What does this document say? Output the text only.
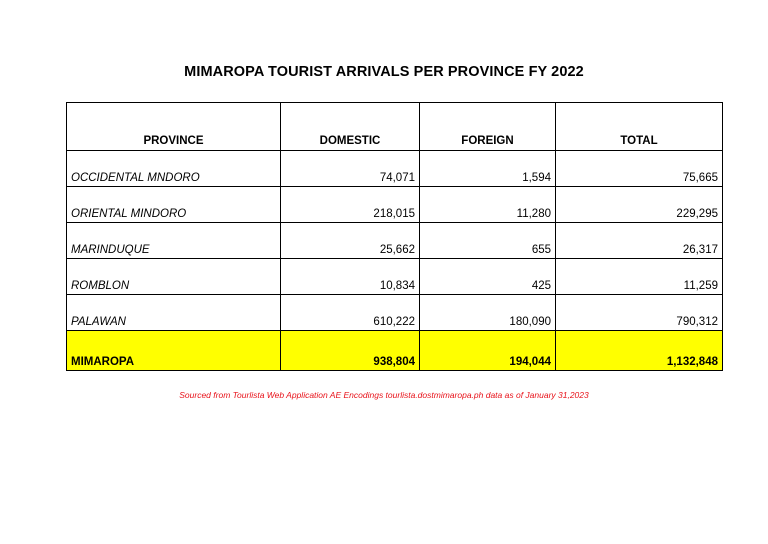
MIMAROPA TOURIST ARRIVALS PER PROVINCE FY 2022
PROVINCE	DOMESTIC	FOREIGN	TOTAL
OCCIDENTAL MNDORO	74,071	1,594	75,665
ORIENTAL MINDORO	218,015	11,280	229,295
MARINDUQUE	25,662	655	26,317
ROMBLON	10,834	425	11,259
PALAWAN	610,222	180,090	790,312
MIMAROPA	938,804	194,044	1,132,848
Sourced from Tourlista Web Application AE Encodings tourlista.dostmimaropa.ph data as of January 31,2023
